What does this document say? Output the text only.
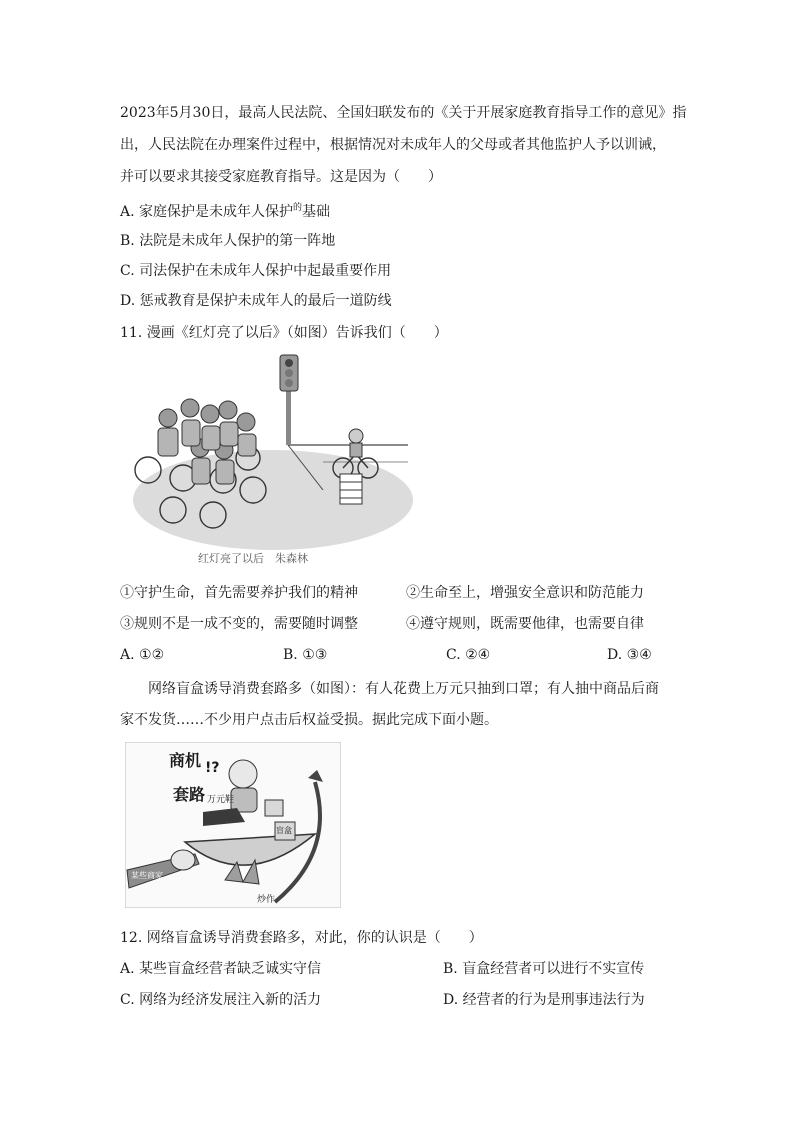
2023年5月30日，最高人民法院、全国妇联发布的《关于开展家庭教育指导工作的意见》指
出，人民法院在办理案件过程中，根据情况对未成年人的父母或者其他监护人予以训诫，
并可以要求其接受家庭教育指导。这是因为（　　）
A. 家庭保护是未成年人保护$^的$基础
B. 法院是未成年人保护的第一阵地
C. 司法保护在未成年人保护中起最重要作用
D. 惩戒教育是保护未成年人的最后一道防线
11. 漫画《红灯亮了以后》（如图）告诉我们（　　）
红灯亮了以后　朱森林
①守护生命，首先需要养护我们的精神	②生命至上，增强安全意识和防范能力
③规则不是一成不变的，需要随时调整	④遵守规则，既需要他律，也需要自律
A. ①②	B. ①③	C. ②④	D. ③④
网络盲盒诱导消费套路多（如图）：有人花费上万元只抽到口罩；有人抽中商品后商
家不发货……不少用户点击后权益受损。据此完成下面小题。
商机
套路
!?
万元鞋
盲盒
某些商家
炒作
12. 网络盲盒诱导消费套路多，对此，你的认识是（　　）
A. 某些盲盒经营者缺乏诚实守信	B. 盲盒经营者可以进行不实宣传
C. 网络为经济发展注入新的活力	D. 经营者的行为是刑事违法行为
